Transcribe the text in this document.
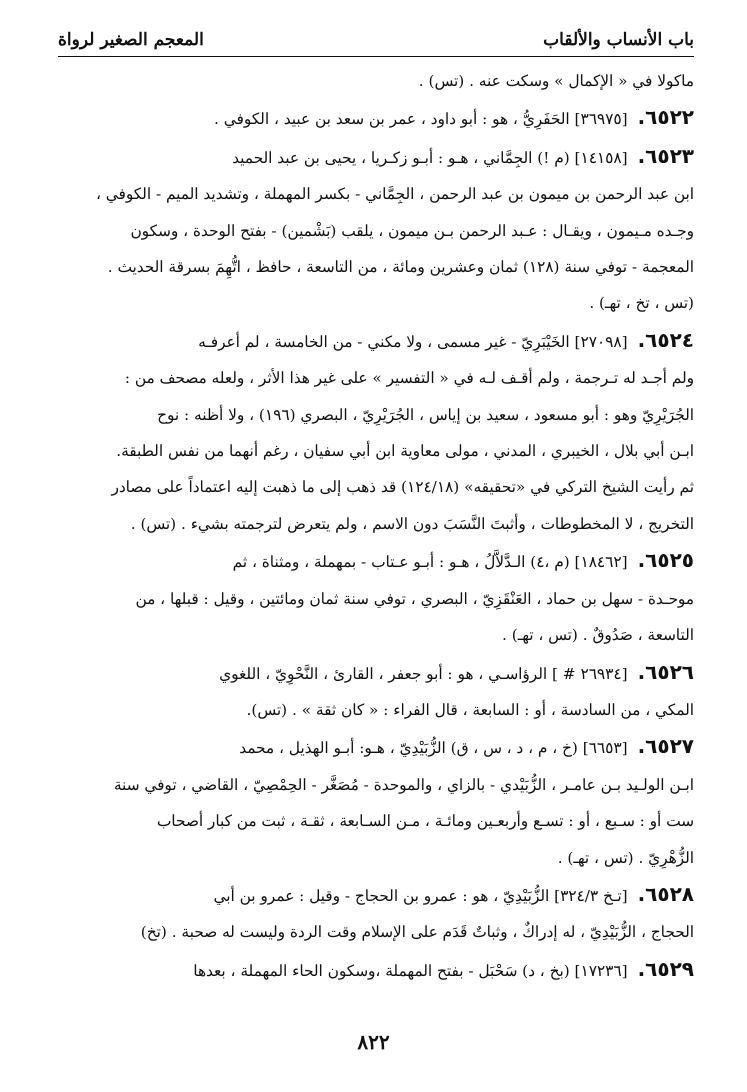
باب الأنساب والألقاب
المعجم الصغير لرواة
ماكولا في « الإكمال » وسكت عنه . (تس) .
٦٥٢٢.[٣٦٩٧٥] الحَفَرِيُّ ، هو : أبو داود ، عمر بن سعد بن عبيد ، الكوفي .
٦٥٢٣.[١٤١٥٨] (م !) الجِمَّاني ، هـو : أبـو زكـريا ، يحيى بن عبد الحميد
ابن عبد الرحمن بن ميمون بن عبد الرحمن ، الجِمَّاني - بكسر المهملة ، وتشديد الميم - الكوفي ،
وجـده مـيمون ، ويقـال : عـبد الرحمن بـن ميمون ، يلقب (بَشْمين) - بفتح الوحدة ، وسكون
المعجمة - توفي سنة (١٢٨) ثمان وعشرين ومائة ، من التاسعة ، حافظ ، اتُّهِمَ بسرقة الحديث .
(تس ، تخ ، تهـ) .
٦٥٢٤.[٢٧٠٩٨] الخَيْبَرِيّ - غير مسمى ، ولا مكني - من الخامسة ، لم أعرفـه
ولم أجـد له تـرجمة ، ولم أقـف لـه في « التفسير » على غير هذا الأثر ، ولعله مصحف من :
الجُرَيْرِيّ وهو : أبو مسعود ، سعيد بن إياس ، الجُرَيْرِيّ ، البصري (١٩٦) ، ولا أظنه : نوح
ابـن أبي بلال ، الخيبري ، المدني ، مولى معاوية ابن أبي سفيان ، رغم أنهما من نفس الطبقة.
ثم رأيت الشيخ التركي في «تحقيقه» (١٢٤/١٨) قد ذهب إلى ما ذهبت إليه اعتماداً على مصادر
التخريج ، لا المخطوطات ، وأثبتَ النَّسَبَ دون الاسم ، ولم يتعرض لترجمته بشيء . (تس) .
٦٥٢٥.[١٨٤٦٢] (م ،٤) الـدَّلاَّلُ ، هـو : أبـو عـتاب - بمهملة ، ومثناة ، ثم
موحـدة - سهل بن حماد ، العَنْقَزِيّ ، البصري ، توفي سنة ثمان ومائتين ، وقيل : قبلها ، من
التاسعة ، صَدُوقٌ . (تس ، تهـ) .
٦٥٢٦.[٢٦٩٣٤ # ] الرؤاسـي ، هو : أبو جعفر ، القارئ ، النَّحْوِيّ ، اللغوي
المكي ، من السادسة ، أو : السابعة ، قال الفراء : « كان ثقة » . (تس).
٦٥٢٧.[٦٦٥٣] (خ ، م ، د ، س ، ق) الزُّبَيْدِيّ ، هـو: أبـو الهذيل ، محمد
ابـن الولـيد بـن عامـر ، الزُّبَيْدي - بالزاي ، والموحدة - مُصَغَّر - الحِمْصِيّ ، القاضي ، توفي سنة
ست أو : سـبع ، أو : تسـع وأربعـين ومائـة ، مـن السـابعة ، ثقـة ، ثبت من كبار أصحاب
الزُّهْرِيّ . (تس ، تهـ) .
٦٥٢٨.[تـخ ٣٢٤/٣] الزُّبَيْدِيّ ، هو : عمرو بن الحجاج - وقيل : عمرو بن أبي
الحجاج ، الزُّبَيْدِيّ ، له إدراكٌ ، وثباتٌ قَدَم على الإسلام وقت الردة وليست له صحبة . (تخ)
٦٥٢٩.[١٧٢٣٦] (بخ ، د) سَحْبَل - بفتح المهملة ،وسكون الحاء المهملة ، بعدها
٨٢٢
